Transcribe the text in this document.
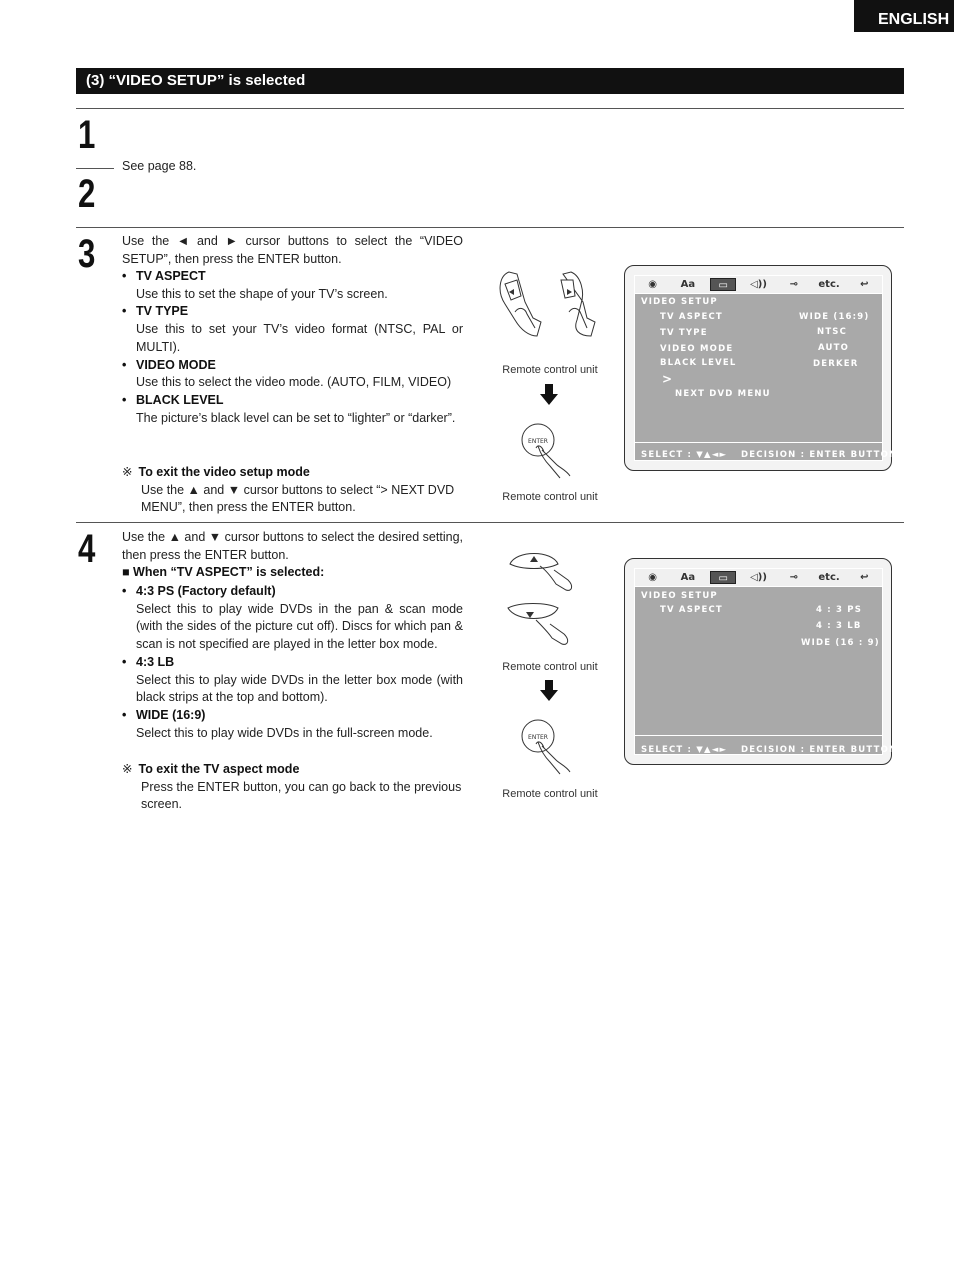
ENGLISH
(3) “VIDEO SETUP” is selected
1
2
See page 88.
3 Use the ◄ and ► cursor buttons to select the “VIDEO SETUP”, then press the ENTER button.
• TV ASPECT
Use this to set the shape of your TV’s screen.
• TV TYPE
Use this to set your TV’s video format (NTSC, PAL or MULTI).
• VIDEO MODE
Use this to select the video mode. (AUTO, FILM, VIDEO)
• BLACK LEVEL
The picture’s black level can be set to “lighter” or “darker”.
※ To exit the video setup mode
Use the ▲ and ▼ cursor buttons to select “> NEXT DVD MENU”, then press the ENTER button.
Remote control unit
ENTER
Remote control unit
◉	Aa	▭	◁))	⊸	etc.	↩
VIDEO SETUP
TV ASPECT	WIDE (16:9)
TV TYPE	NTSC
VIDEO MODE	AUTO
BLACK LEVEL	DERKER
>
NEXT DVD MENU
SELECT : ▼▲◄► DECISION : ENTER BUTTON
4 Use the ▲ and ▼ cursor buttons to select the desired setting, then press the ENTER button.
■ When “TV ASPECT” is selected:
• 4:3 PS (Factory default)
Select this to play wide DVDs in the pan & scan mode (with the sides of the picture cut off). Discs for which pan & scan is not specified are played in the letter box mode.
• 4:3 LB
Select this to play wide DVDs in the letter box mode (with black strips at the top and bottom).
• WIDE (16:9)
Select this to play wide DVDs in the full-screen mode.
※ To exit the TV aspect mode
Press the ENTER button, you can go back to the previous screen.
Remote control unit
ENTER
Remote control unit
◉	Aa	▭	◁))	⊸	etc.	↩
VIDEO SETUP
TV ASPECT	4 : 3 PS
4 : 3 LB
WIDE (16 : 9)
SELECT : ▼▲◄► DECISION : ENTER BUTTON
